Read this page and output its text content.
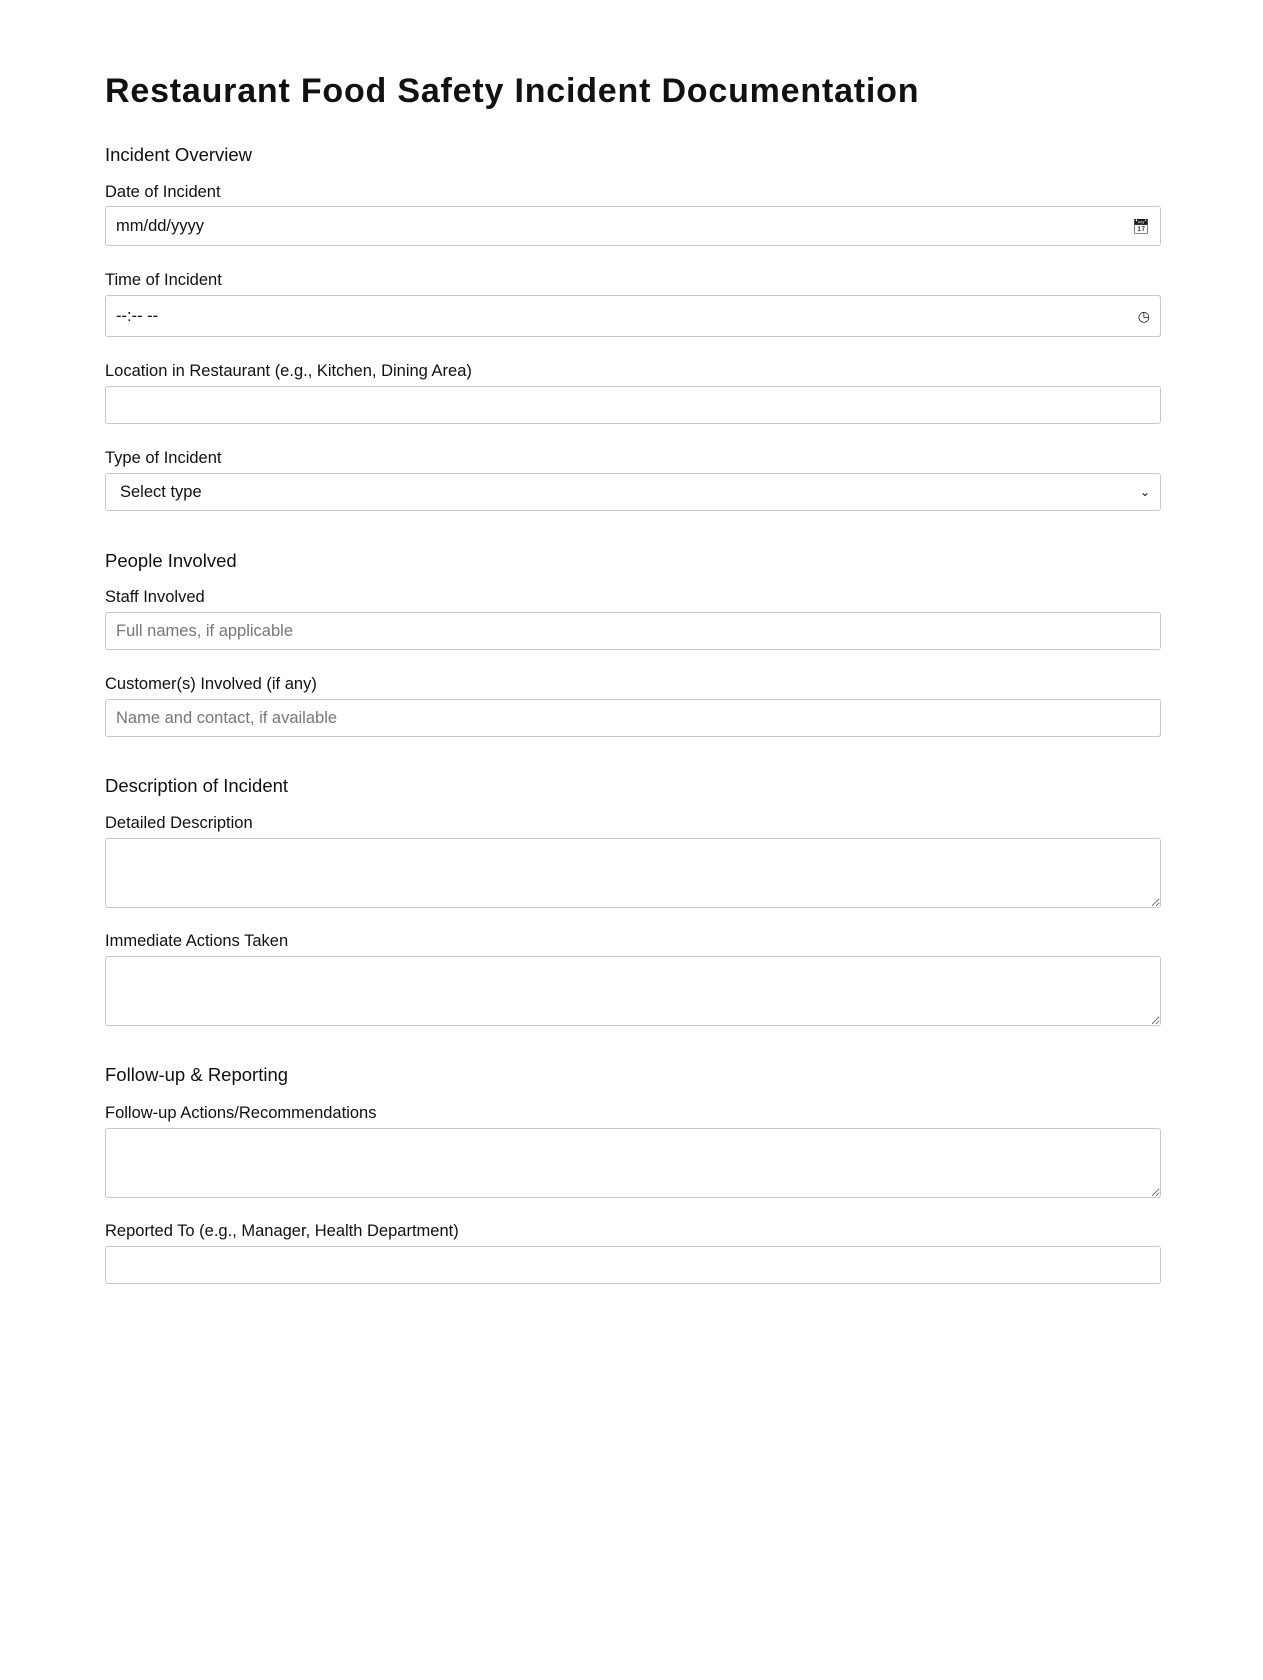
Restaurant Food Safety Incident Documentation
Incident Overview
Date of Incident
mm/dd/yyyy	📅︎
Time of Incident
--:-- --	◷
Location in Restaurant (e.g., Kitchen, Dining Area)
Type of Incident
Select type	⌄
People Involved
Staff Involved
Full names, if applicable
Customer(s) Involved (if any)
Name and contact, if available
Description of Incident
Detailed Description
Immediate Actions Taken
Follow-up & Reporting
Follow-up Actions/Recommendations
Reported To (e.g., Manager, Health Department)
